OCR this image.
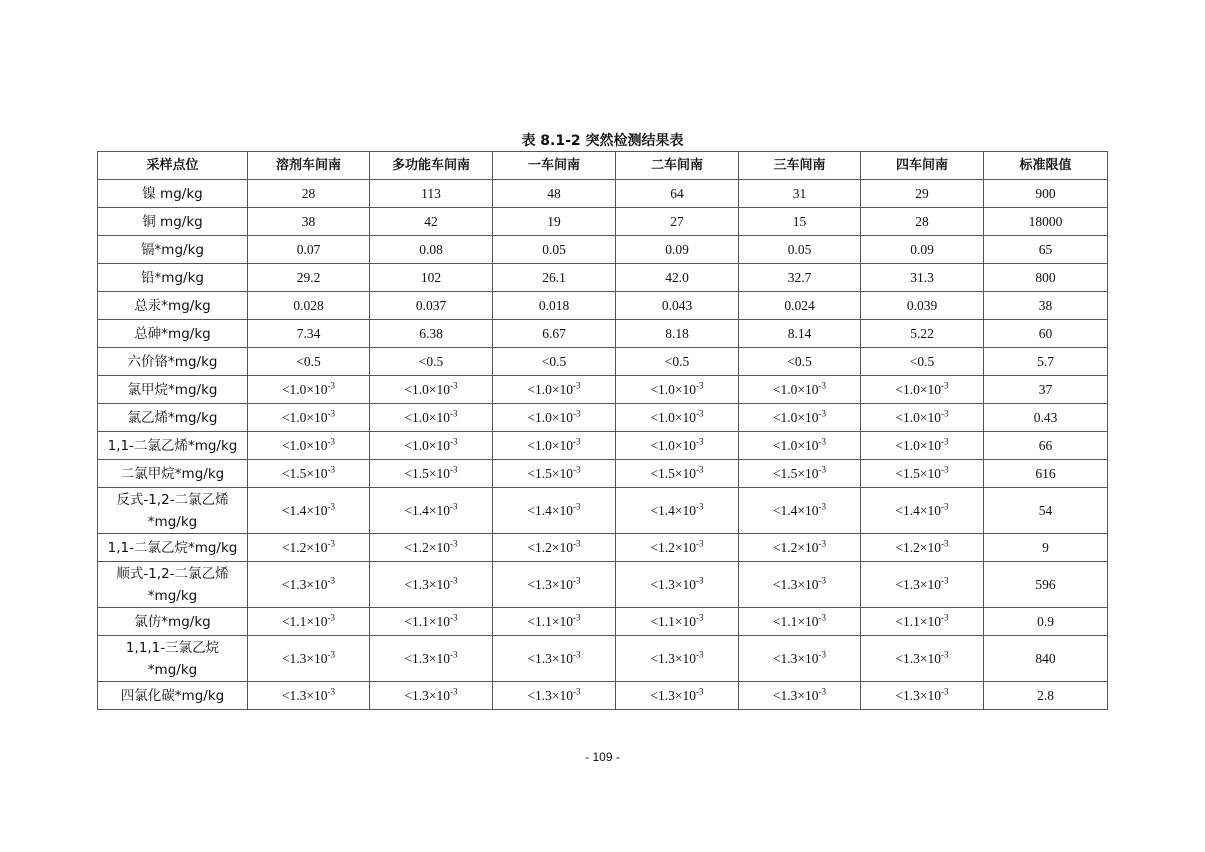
表 8.1-2 突然检测结果表
采样点位	溶剂车间南	多功能车间南	一车间南	二车间南	三车间南	四车间南	标准限值
镍 mg/kg	28	113	48	64	31	29	900
铜 mg/kg	38	42	19	27	15	28	18000
镉*mg/kg	0.07	0.08	0.05	0.09	0.05	0.09	65
铅*mg/kg	29.2	102	26.1	42.0	32.7	31.3	800
总汞*mg/kg	0.028	0.037	0.018	0.043	0.024	0.039	38
总砷*mg/kg	7.34	6.38	6.67	8.18	8.14	5.22	60
六价铬*mg/kg	<0.5	<0.5	<0.5	<0.5	<0.5	<0.5	5.7
氯甲烷*mg/kg	$<1.0\times 10^{-3}$	$<1.0\times 10^{-3}$	$<1.0\times 10^{-3}$	$<1.0\times 10^{-3}$	$<1.0\times 10^{-3}$	$<1.0\times 10^{-3}$	37
氯乙烯*mg/kg	$<1.0\times 10^{-3}$	$<1.0\times 10^{-3}$	$<1.0\times 10^{-3}$	$<1.0\times 10^{-3}$	$<1.0\times 10^{-3}$	$<1.0\times 10^{-3}$	0.43
1,1-二氯乙烯*mg/kg	$<1.0\times 10^{-3}$	$<1.0\times 10^{-3}$	$<1.0\times 10^{-3}$	$<1.0\times 10^{-3}$	$<1.0\times 10^{-3}$	$<1.0\times 10^{-3}$	66
二氯甲烷*mg/kg	$<1.5\times 10^{-3}$	$<1.5\times 10^{-3}$	$<1.5\times 10^{-3}$	$<1.5\times 10^{-3}$	$<1.5\times 10^{-3}$	$<1.5\times 10^{-3}$	616
反式-1,2-二氯乙烯
*mg/kg	$<1.4\times 10^{-3}$	$<1.4\times 10^{-3}$	$<1.4\times 10^{-3}$	$<1.4\times 10^{-3}$	$<1.4\times 10^{-3}$	$<1.4\times 10^{-3}$	54
1,1-二氯乙烷*mg/kg	$<1.2\times 10^{-3}$	$<1.2\times 10^{-3}$	$<1.2\times 10^{-3}$	$<1.2\times 10^{-3}$	$<1.2\times 10^{-3}$	$<1.2\times 10^{-3}$	9
顺式-1,2-二氯乙烯
*mg/kg	$<1.3\times 10^{-3}$	$<1.3\times 10^{-3}$	$<1.3\times 10^{-3}$	$<1.3\times 10^{-3}$	$<1.3\times 10^{-3}$	$<1.3\times 10^{-3}$	596
氯仿*mg/kg	$<1.1\times 10^{-3}$	$<1.1\times 10^{-3}$	$<1.1\times 10^{-3}$	$<1.1\times 10^{-3}$	$<1.1\times 10^{-3}$	$<1.1\times 10^{-3}$	0.9
1,1,1-三氯乙烷
*mg/kg	$<1.3\times 10^{-3}$	$<1.3\times 10^{-3}$	$<1.3\times 10^{-3}$	$<1.3\times 10^{-3}$	$<1.3\times 10^{-3}$	$<1.3\times 10^{-3}$	840
四氯化碳*mg/kg	$<1.3\times 10^{-3}$	$<1.3\times 10^{-3}$	$<1.3\times 10^{-3}$	$<1.3\times 10^{-3}$	$<1.3\times 10^{-3}$	$<1.3\times 10^{-3}$	2.8
- 109 -
